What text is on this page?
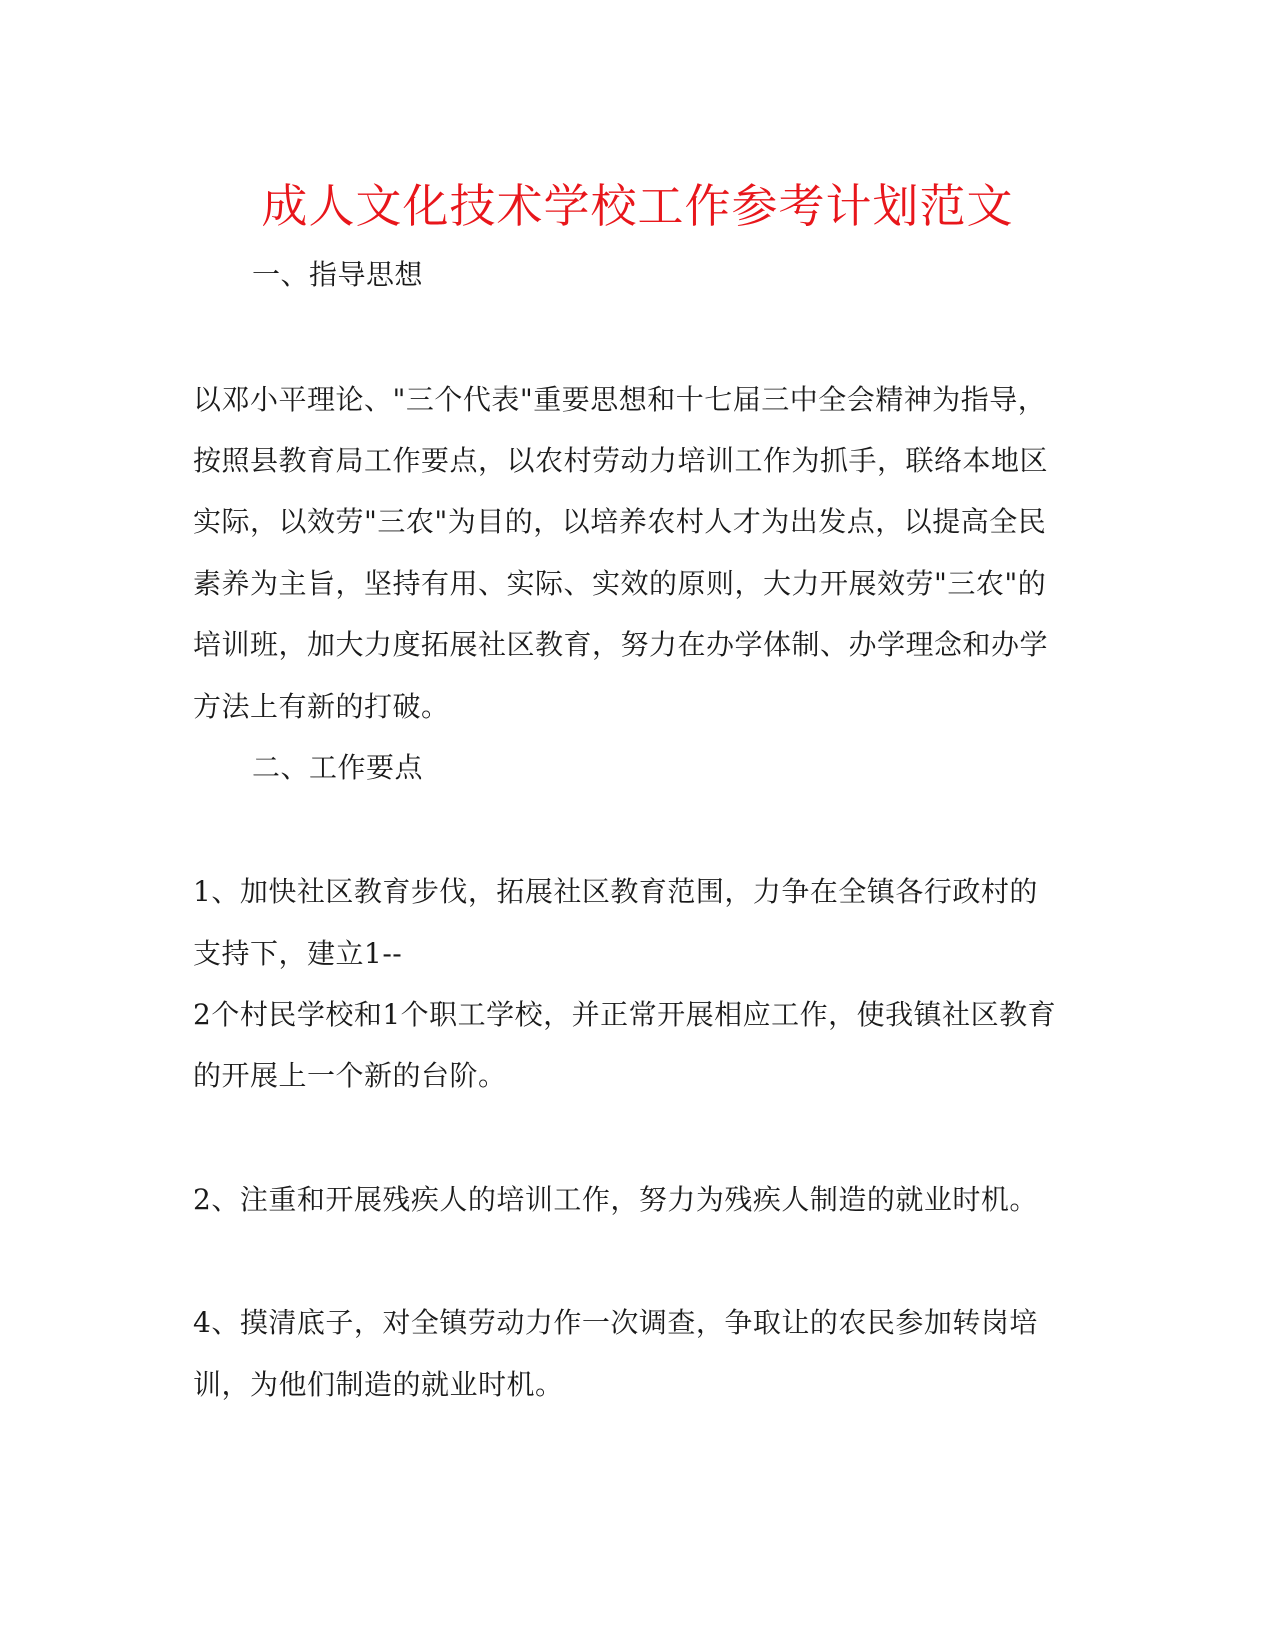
成人文化技术学校工作参考计划范文
一、指导思想
以邓小平理论、"三个代表"重要思想和十七届三中全会精神为指导，
按照县教育局工作要点，以农村劳动力培训工作为抓手，联络本地区
实际，以效劳"三农"为目的，以培养农村人才为出发点，以提高全民
素养为主旨，坚持有用、实际、实效的原则，大力开展效劳"三农"的
培训班，加大力度拓展社区教育，努力在办学体制、办学理念和办学
方法上有新的打破。
二、工作要点
1、加快社区教育步伐，拓展社区教育范围，力争在全镇各行政村的
支持下，建立1--
2个村民学校和1个职工学校，并正常开展相应工作，使我镇社区教育
的开展上一个新的台阶。
2、注重和开展残疾人的培训工作，努力为残疾人制造的就业时机。
4、摸清底子，对全镇劳动力作一次调查，争取让的农民参加转岗培
训，为他们制造的就业时机。
